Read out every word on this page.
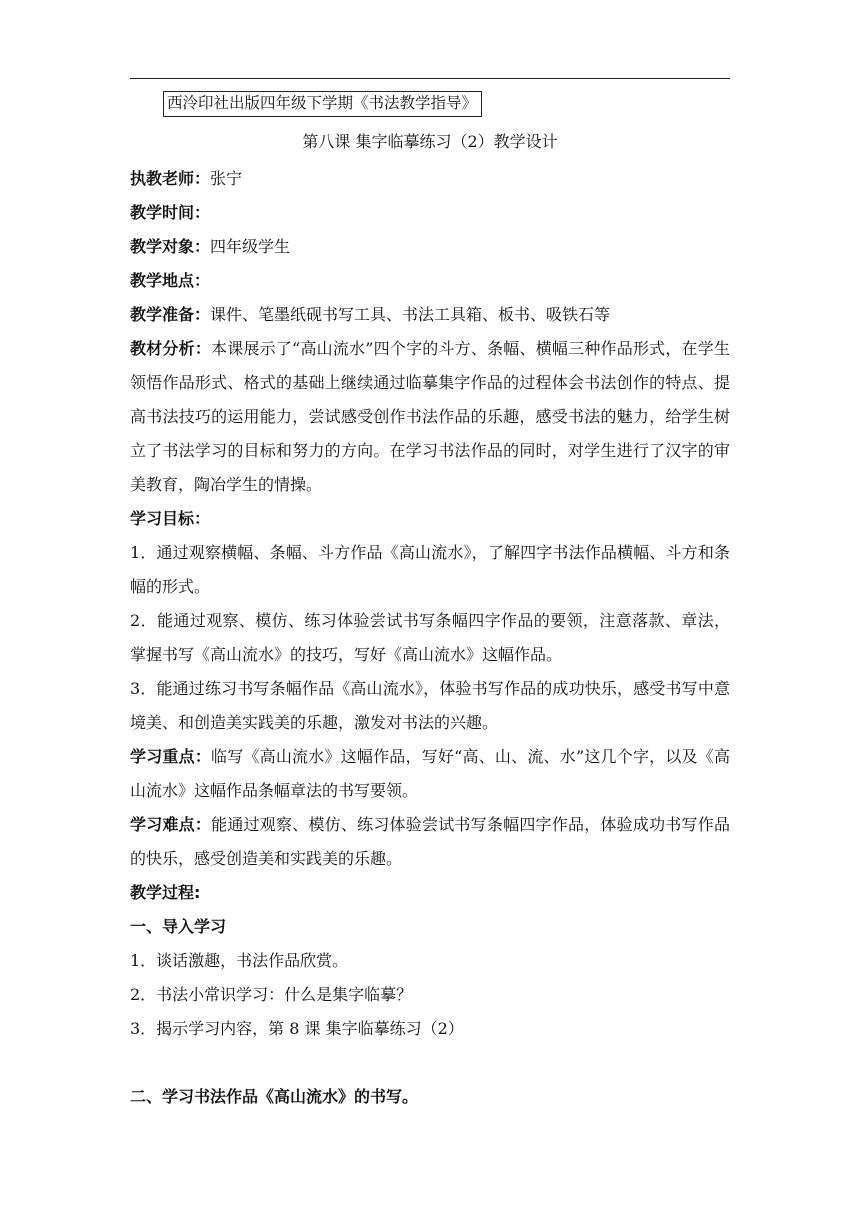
西泠印社出版四年级下学期《书法教学指导》
第八课 集字临摹练习（2）教学设计
执教老师：张宁
教学时间：
教学对象：四年级学生
教学地点：
教学准备：课件、笔墨纸砚书写工具、书法工具箱、板书、吸铁石等
教材分析：本课展示了“高山流水”四个字的斗方、条幅、横幅三种作品形式，在学生领悟作品形式、格式的基础上继续通过临摹集字作品的过程体会书法创作的特点、提高书法技巧的运用能力，尝试感受创作书法作品的乐趣，感受书法的魅力，给学生树立了书法学习的目标和努力的方向。在学习书法作品的同时，对学生进行了汉字的审美教育，陶冶学生的情操。
学习目标：
1．通过观察横幅、条幅、斗方作品《高山流水》，了解四字书法作品横幅、斗方和条幅的形式。
2．能通过观察、模仿、练习体验尝试书写条幅四字作品的要领，注意落款、章法，掌握书写《高山流水》的技巧，写好《高山流水》这幅作品。
3．能通过练习书写条幅作品《高山流水》，体验书写作品的成功快乐，感受书写中意境美、和创造美实践美的乐趣，激发对书法的兴趣。
学习重点：临写《高山流水》这幅作品，写好“高、山、流、水”这几个字，以及《高山流水》这幅作品条幅章法的书写要领。
学习难点：能通过观察、模仿、练习体验尝试书写条幅四字作品，体验成功书写作品的快乐，感受创造美和实践美的乐趣。
教学过程:
一、导入学习
1．谈话激趣，书法作品欣赏。
2．书法小常识学习：什么是集字临摹？
3．揭示学习内容，第 8 课 集字临摹练习（2）
二、学习书法作品《高山流水》的书写。
